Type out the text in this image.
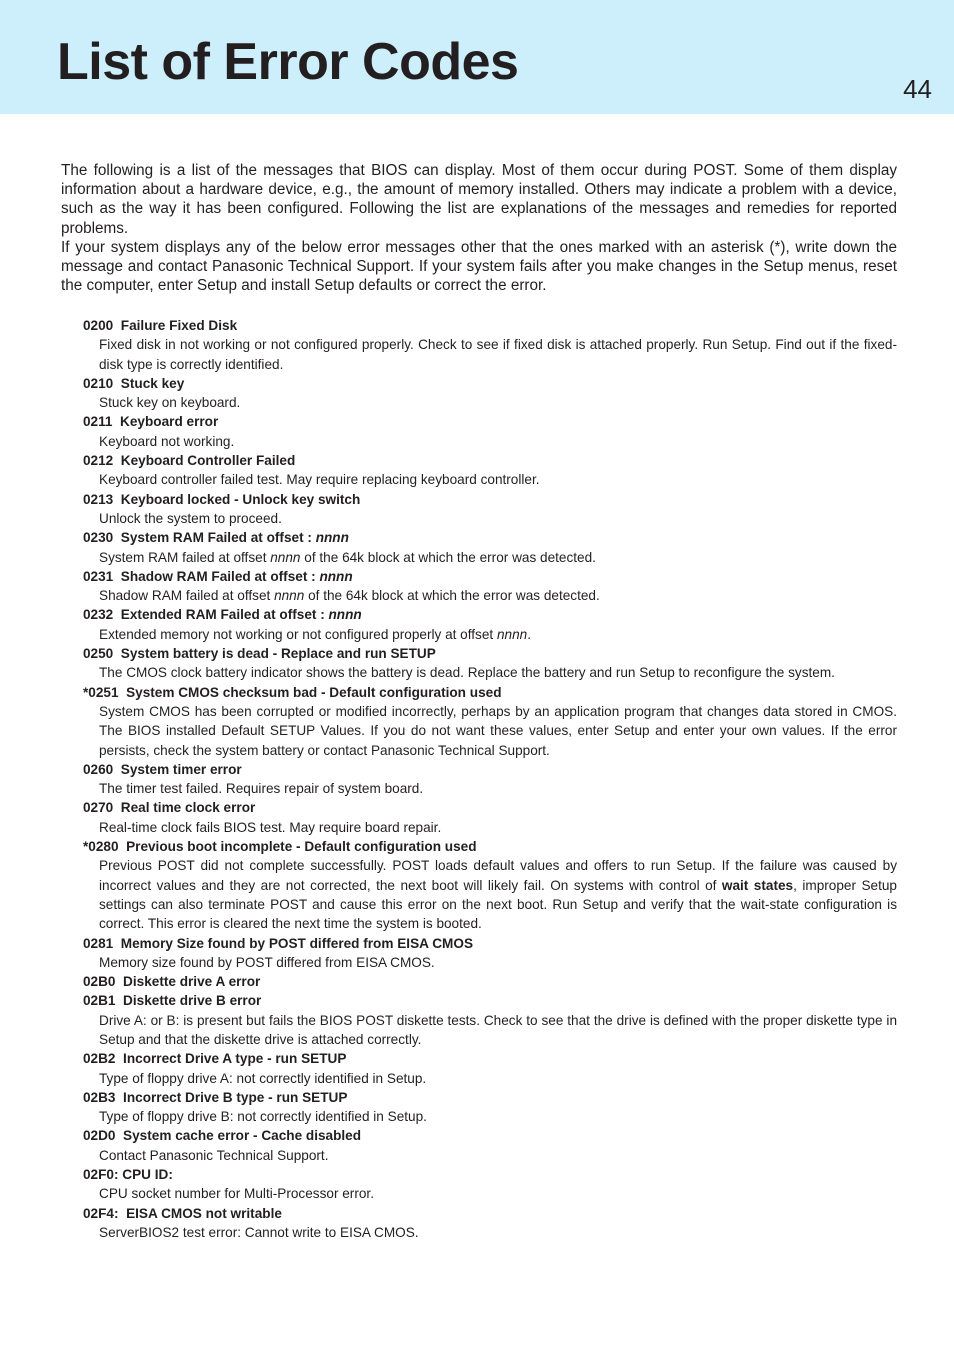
List of Error Codes	44

The following is a list of the messages that BIOS can display. Most of them occur during POST. Some of them display information about a hardware device, e.g., the amount of memory installed. Others may indicate a problem with a device, such as the way it has been configured. Following the list are explanations of the messages and remedies for reported problems.

If your system displays any of the below error messages other that the ones marked with an asterisk (*), write down the message and contact Panasonic Technical Support. If your system fails after you make changes in the Setup menus, reset the computer, enter Setup and install Setup defaults or correct the error.

0200  Failure Fixed Disk
Fixed disk in not working or not configured properly. Check to see if fixed disk is attached properly. Run Setup. Find out if the fixed-disk type is correctly identified.
0210  Stuck key
Stuck key on keyboard.
0211  Keyboard error
Keyboard not working.
0212  Keyboard Controller Failed
Keyboard controller failed test. May require replacing keyboard controller.
0213  Keyboard locked - Unlock key switch
Unlock the system to proceed.
0230  System RAM Failed at offset : nnnn
System RAM failed at offset nnnn of the 64k block at which the error was detected.
0231  Shadow RAM Failed at offset : nnnn
Shadow RAM failed at offset nnnn of the 64k block at which the error was detected.
0232  Extended RAM Failed at offset : nnnn
Extended memory not working or not configured properly at offset nnnn.
0250  System battery is dead - Replace and run SETUP
The CMOS clock battery indicator shows the battery is dead. Replace the battery and run Setup to reconfigure the system.
*0251  System CMOS checksum bad - Default configuration used
System CMOS has been corrupted or modified incorrectly, perhaps by an application program that changes data stored in CMOS. The BIOS installed Default SETUP Values. If you do not want these values, enter Setup and enter your own values. If the error persists, check the system battery or contact Panasonic Technical Support.
0260  System timer error
The timer test failed. Requires repair of system board.
0270  Real time clock error
Real-time clock fails BIOS test. May require board repair.
*0280  Previous boot incomplete - Default configuration used
Previous POST did not complete successfully. POST loads default values and offers to run Setup. If the failure was caused by incorrect values and they are not corrected, the next boot will likely fail. On systems with control of wait states, improper Setup settings can also terminate POST and cause this error on the next boot. Run Setup and verify that the wait-state configuration is correct. This error is cleared the next time the system is booted.
0281  Memory Size found by POST differed from EISA CMOS
Memory size found by POST differed from EISA CMOS.
02B0  Diskette drive A error
02B1  Diskette drive B error
Drive A: or B: is present but fails the BIOS POST diskette tests. Check to see that the drive is defined with the proper diskette type in Setup and that the diskette drive is attached correctly.
02B2  Incorrect Drive A type - run SETUP
Type of floppy drive A: not correctly identified in Setup.
02B3  Incorrect Drive B type - run SETUP
Type of floppy drive B: not correctly identified in Setup.
02D0  System cache error - Cache disabled
Contact Panasonic Technical Support.
02F0: CPU ID:
CPU socket number for Multi-Processor error.
02F4:  EISA CMOS not writable
ServerBIOS2 test error: Cannot write to EISA CMOS.
